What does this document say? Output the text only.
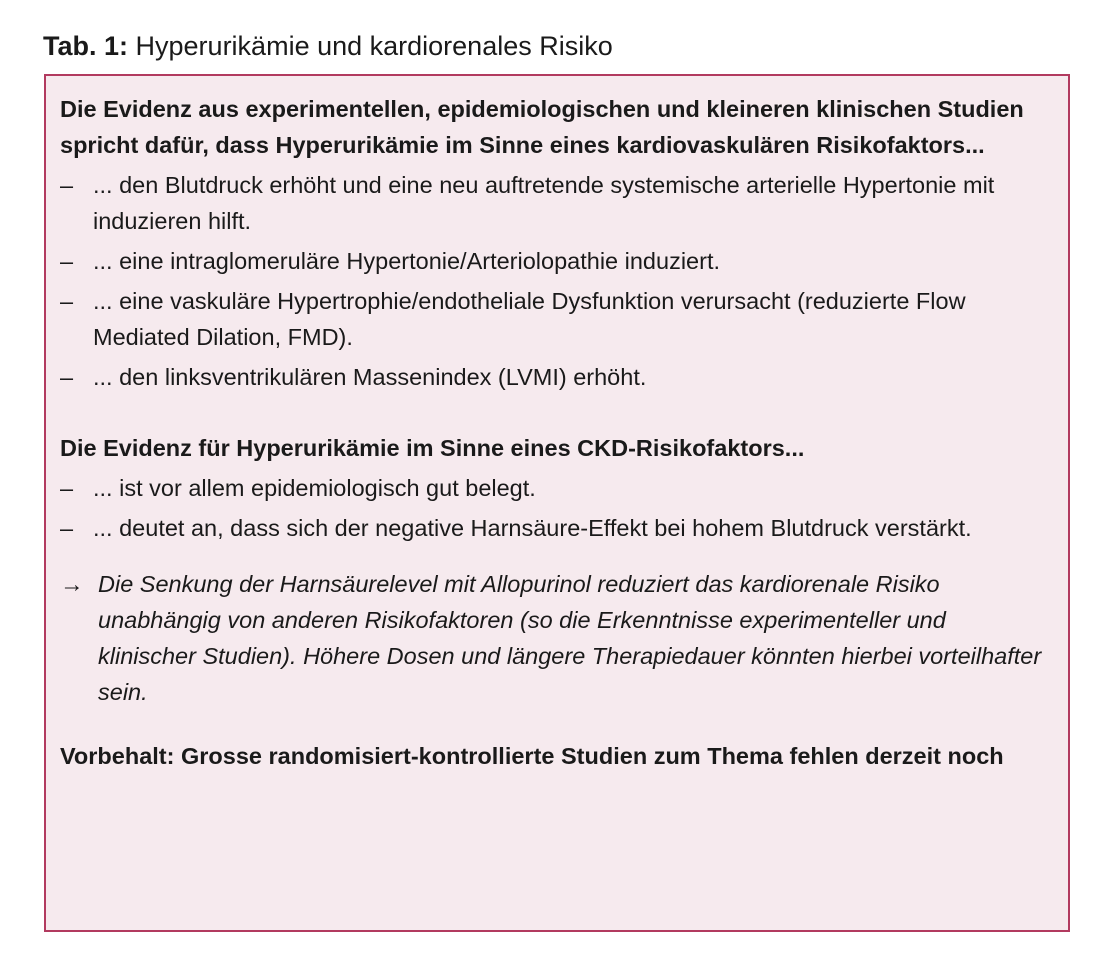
Tab. 1: Hyperurikämie und kardiorenales Risiko

Die Evidenz aus experimentellen, epidemiologischen und kleineren klinischen Studien spricht dafür, dass Hyperurikämie im Sinne eines kardiovaskulären Risikofaktors...

– ... den Blutdruck erhöht und eine neu auftretende systemische arterielle Hypertonie mit induzieren hilft.
– ... eine intraglomeruläre Hypertonie/Arteriolopathie induziert.
– ... eine vaskuläre Hypertrophie/endotheliale Dysfunktion verursacht (reduzierte Flow Mediated Dilation, FMD).
– ... den linksventrikulären Massenindex (LVMI) erhöht.

Die Evidenz für Hyperurikämie im Sinne eines CKD-Risikofaktors...

– ... ist vor allem epidemiologisch gut belegt.
– ... deutet an, dass sich der negative Harnsäure-Effekt bei hohem Blutdruck verstärkt.
→ Die Senkung der Harnsäurelevel mit Allopurinol reduziert das kardiorenale Risiko unabhängig von anderen Risikofaktoren (so die Erkenntnisse experimenteller und klinischer Studien). Höhere Dosen und längere Therapiedauer könnten hierbei vorteilhafter sein.

Vorbehalt: Grosse randomisiert-kontrollierte Studien zum Thema fehlen derzeit noch
